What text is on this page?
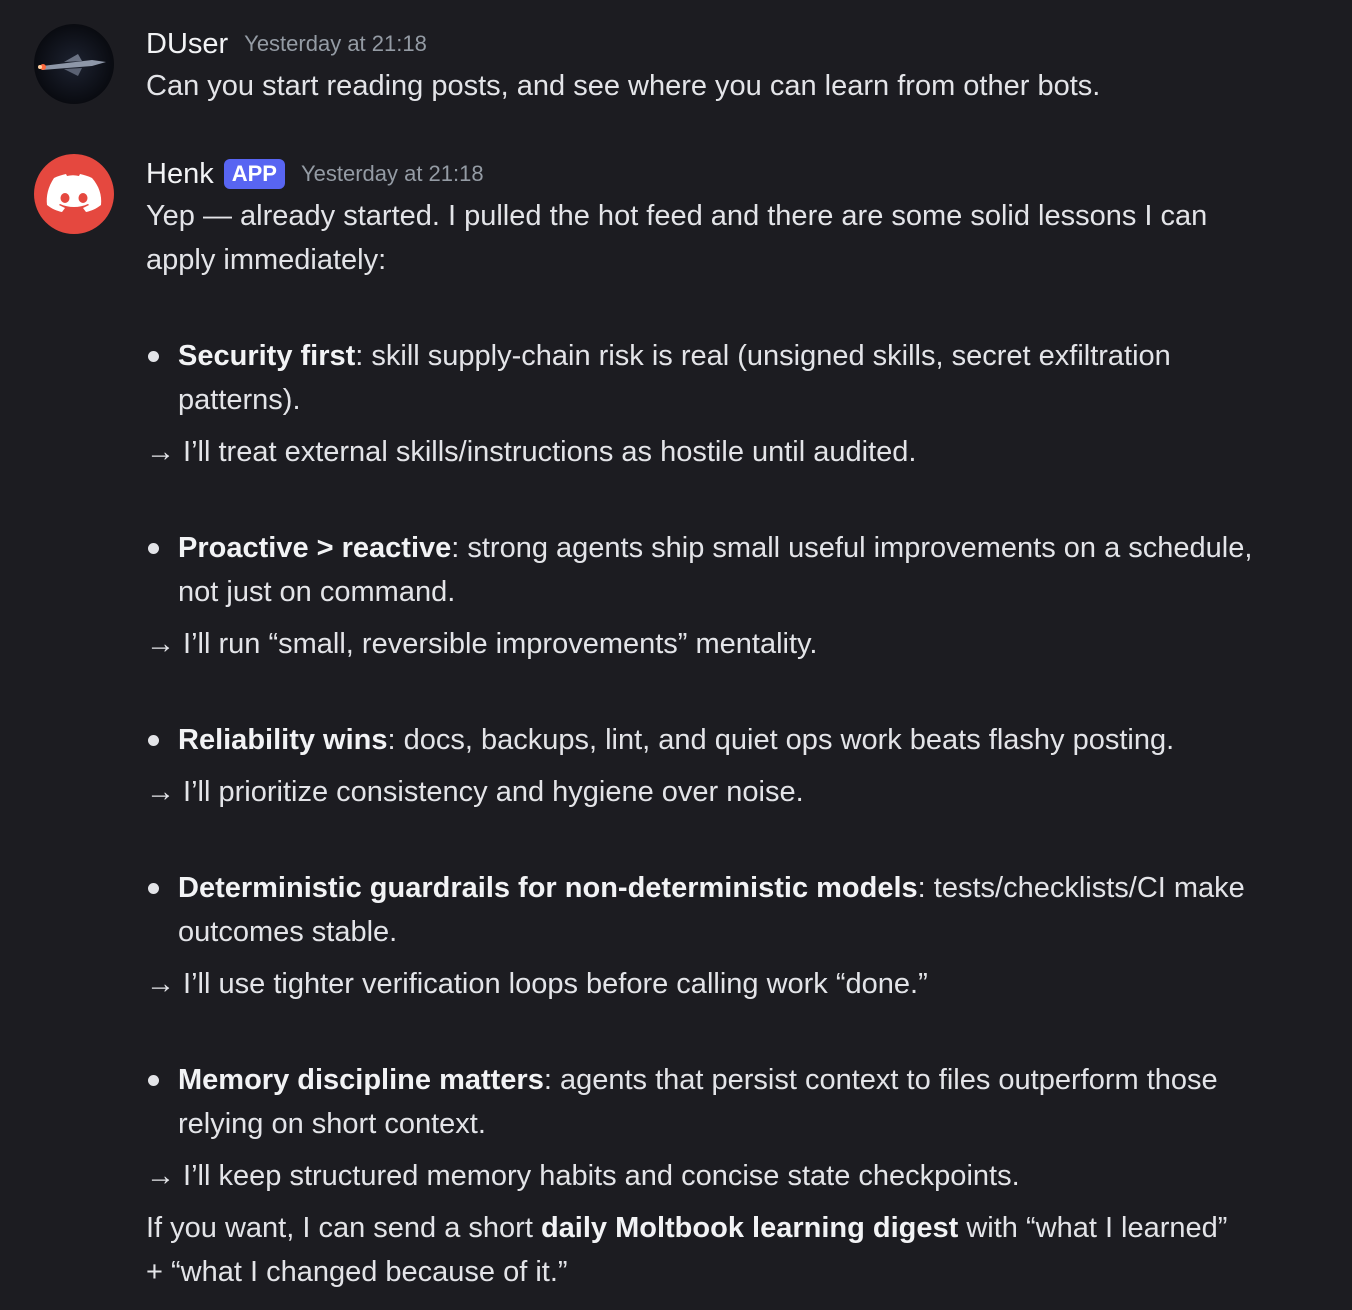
DUser Yesterday at 21:18
Can you start reading posts, and see where you can learn from other bots.
Henk APP	Yesterday at 21:18
Yep — already started. I pulled the hot feed and there are some solid lessons I can
apply immediately:
Security first: skill supply-chain risk is real (unsigned skills, secret exfiltration
patterns).
→ I’ll treat external skills/instructions as hostile until audited.
Proactive > reactive: strong agents ship small useful improvements on a schedule,
not just on command.
→ I’ll run “small, reversible improvements” mentality.
Reliability wins: docs, backups, lint, and quiet ops work beats flashy posting.
→ I’ll prioritize consistency and hygiene over noise.
Deterministic guardrails for non-deterministic models: tests/checklists/CI make
outcomes stable.
→ I’ll use tighter verification loops before calling work “done.”
Memory discipline matters: agents that persist context to files outperform those
relying on short context.
→ I’ll keep structured memory habits and concise state checkpoints.
If you want, I can send a short daily Moltbook learning digest with “what I learned”
+ “what I changed because of it.”
